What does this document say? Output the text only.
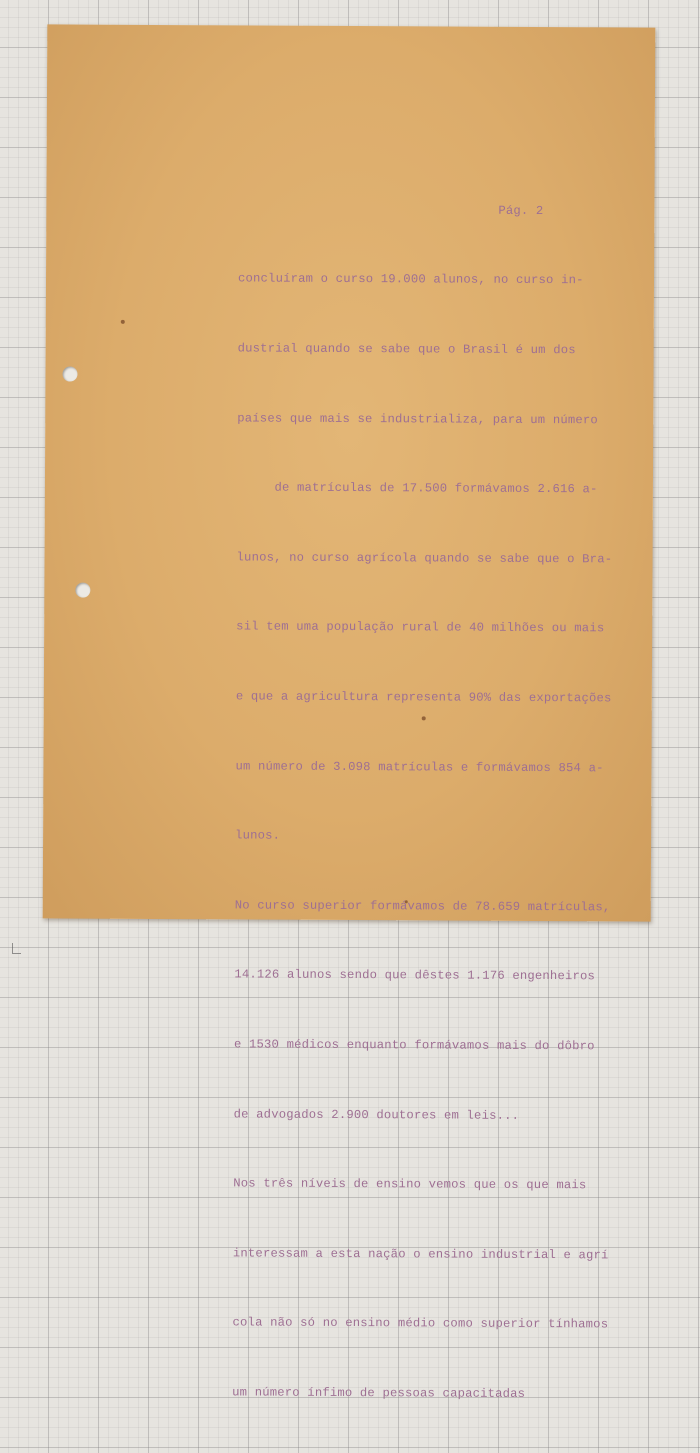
Pág. 2

concluíram o curso 19.000 alunos, no curso in-

dustrial quando se sabe que o Brasil é um dos

países que mais se industrializa, para um número

de matrículas de 17.500 formávamos 2.616 a-

lunos, no curso agrícola quando se sabe que o Bra-

sil tem uma população rural de 40 milhões ou mais

e que a agricultura representa 90% das exportações

um número de 3.098 matrículas e formávamos 854 a-

lunos.

No curso superior formávamos de 78.659 matrículas,

14.126 alunos sendo que dêstes 1.176 engenheiros

e 1530 médicos enquanto formávamos mais do dôbro

de advogados 2.900 doutores em leis...

Nos três níveis de ensino vemos que os que mais

interessam a esta nação o ensino industrial e agrí

cola não só no ensino médio como superior tínhamos

um número ínfimo de pessoas capacitadas
